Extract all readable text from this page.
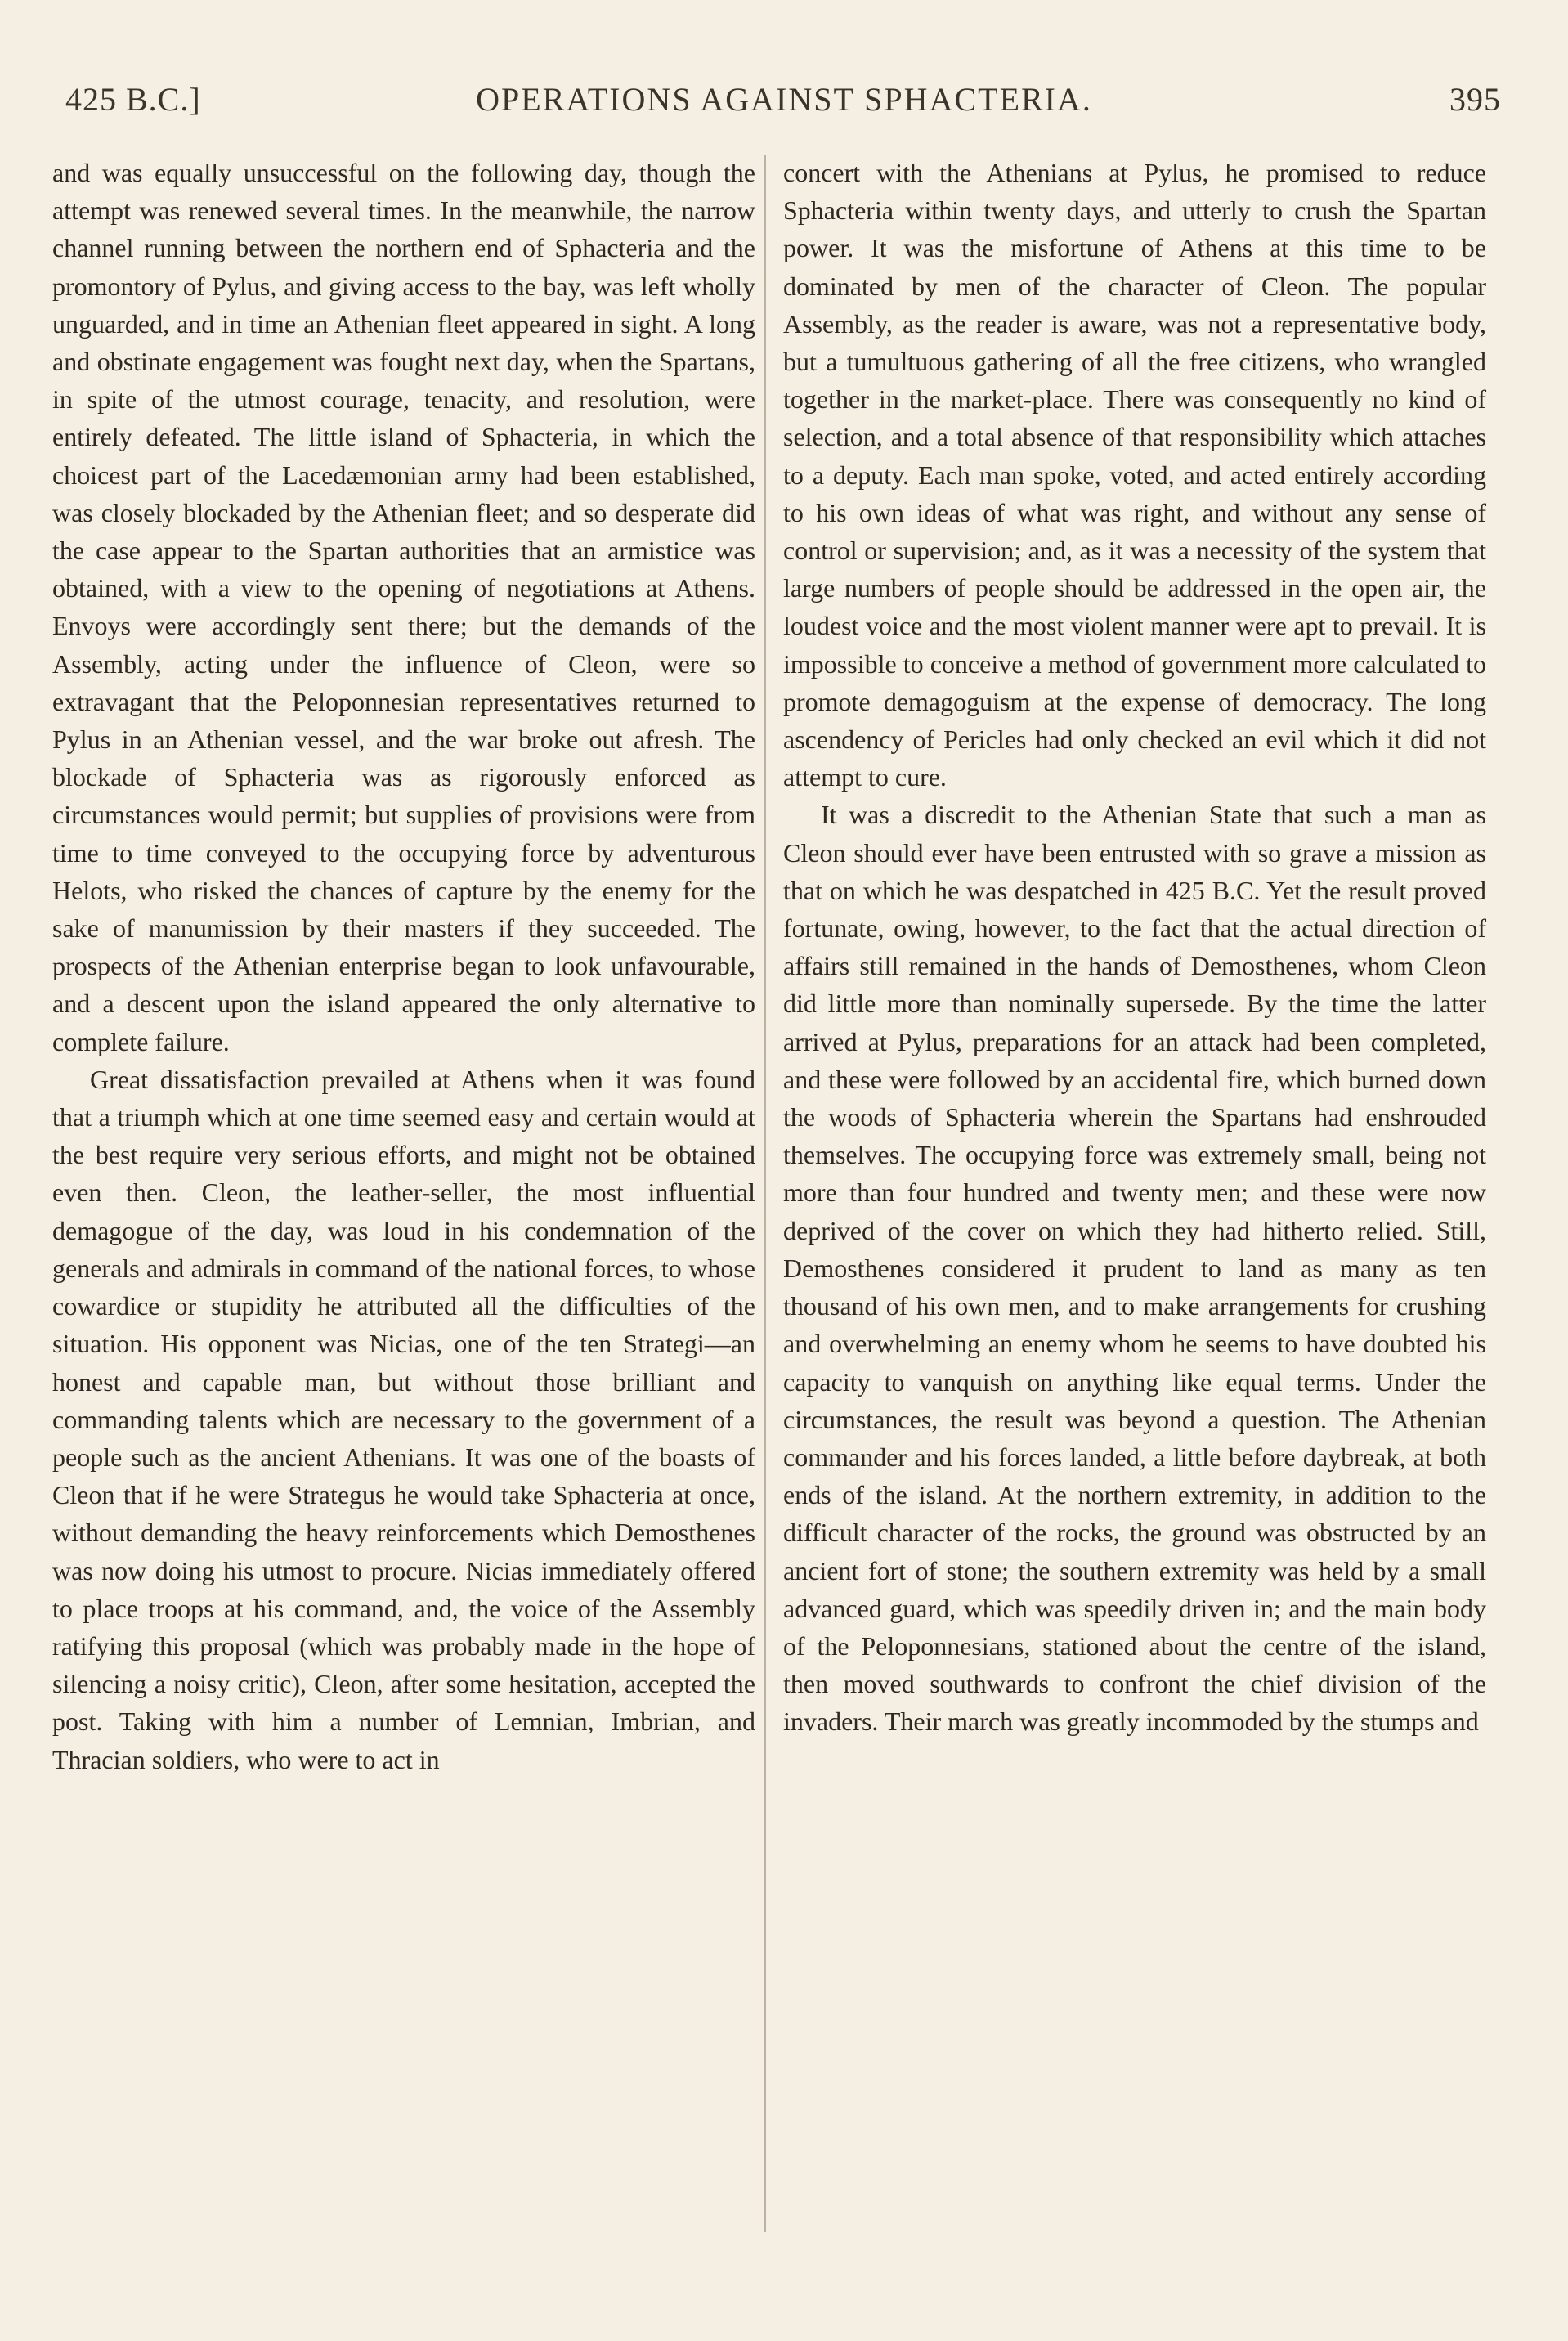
425 B.C.]	OPERATIONS AGAINST SPHACTERIA.	395

and was equally unsuccessful on the following day, though the attempt was renewed several times. In the meanwhile, the narrow channel running between the northern end of Sphacteria and the promontory of Pylus, and giving access to the bay, was left wholly unguarded, and in time an Athenian fleet appeared in sight. A long and obstinate engagement was fought next day, when the Spartans, in spite of the utmost courage, tenacity, and resolution, were entirely defeated. The little island of Sphacteria, in which the choicest part of the Lacedæmonian army had been established, was closely blockaded by the Athenian fleet; and so desperate did the case appear to the Spartan authorities that an armistice was obtained, with a view to the opening of negotiations at Athens. Envoys were accordingly sent there; but the demands of the Assembly, acting under the influence of Cleon, were so extravagant that the Peloponnesian representatives returned to Pylus in an Athenian vessel, and the war broke out afresh. The blockade of Sphacteria was as rigorously enforced as circumstances would permit; but supplies of provisions were from time to time conveyed to the occupying force by adventurous Helots, who risked the chances of capture by the enemy for the sake of manumission by their masters if they succeeded. The prospects of the Athenian enterprise began to look unfavourable, and a descent upon the island appeared the only alternative to complete failure.

Great dissatisfaction prevailed at Athens when it was found that a triumph which at one time seemed easy and certain would at the best require very serious efforts, and might not be obtained even then. Cleon, the leather-seller, the most influential demagogue of the day, was loud in his condemnation of the generals and admirals in command of the national forces, to whose cowardice or stupidity he attributed all the difficulties of the situation. His opponent was Nicias, one of the ten Strategi—an honest and capable man, but without those brilliant and commanding talents which are necessary to the government of a people such as the ancient Athenians. It was one of the boasts of Cleon that if he were Strategus he would take Sphacteria at once, without demanding the heavy reinforcements which Demosthenes was now doing his utmost to procure. Nicias immediately offered to place troops at his command, and, the voice of the Assembly ratifying this proposal (which was probably made in the hope of silencing a noisy critic), Cleon, after some hesitation, accepted the post. Taking with him a number of Lemnian, Imbrian, and Thracian soldiers, who were to act in

concert with the Athenians at Pylus, he promised to reduce Sphacteria within twenty days, and utterly to crush the Spartan power. It was the misfortune of Athens at this time to be dominated by men of the character of Cleon. The popular Assembly, as the reader is aware, was not a representative body, but a tumultuous gathering of all the free citizens, who wrangled together in the market-place. There was consequently no kind of selection, and a total absence of that responsibility which attaches to a deputy. Each man spoke, voted, and acted entirely according to his own ideas of what was right, and without any sense of control or supervision; and, as it was a necessity of the system that large numbers of people should be addressed in the open air, the loudest voice and the most violent manner were apt to prevail. It is impossible to conceive a method of government more calculated to promote demagoguism at the expense of democracy. The long ascendency of Pericles had only checked an evil which it did not attempt to cure.

It was a discredit to the Athenian State that such a man as Cleon should ever have been entrusted with so grave a mission as that on which he was despatched in 425 B.C. Yet the result proved fortunate, owing, however, to the fact that the actual direction of affairs still remained in the hands of Demosthenes, whom Cleon did little more than nominally supersede. By the time the latter arrived at Pylus, preparations for an attack had been completed, and these were followed by an accidental fire, which burned down the woods of Sphacteria wherein the Spartans had enshrouded themselves. The occupying force was extremely small, being not more than four hundred and twenty men; and these were now deprived of the cover on which they had hitherto relied. Still, Demosthenes considered it prudent to land as many as ten thousand of his own men, and to make arrangements for crushing and overwhelming an enemy whom he seems to have doubted his capacity to vanquish on anything like equal terms. Under the circumstances, the result was beyond a question. The Athenian commander and his forces landed, a little before daybreak, at both ends of the island. At the northern extremity, in addition to the difficult character of the rocks, the ground was obstructed by an ancient fort of stone; the southern extremity was held by a small advanced guard, which was speedily driven in; and the main body of the Peloponnesians, stationed about the centre of the island, then moved southwards to confront the chief division of the invaders. Their march was greatly incommoded by the stumps and
